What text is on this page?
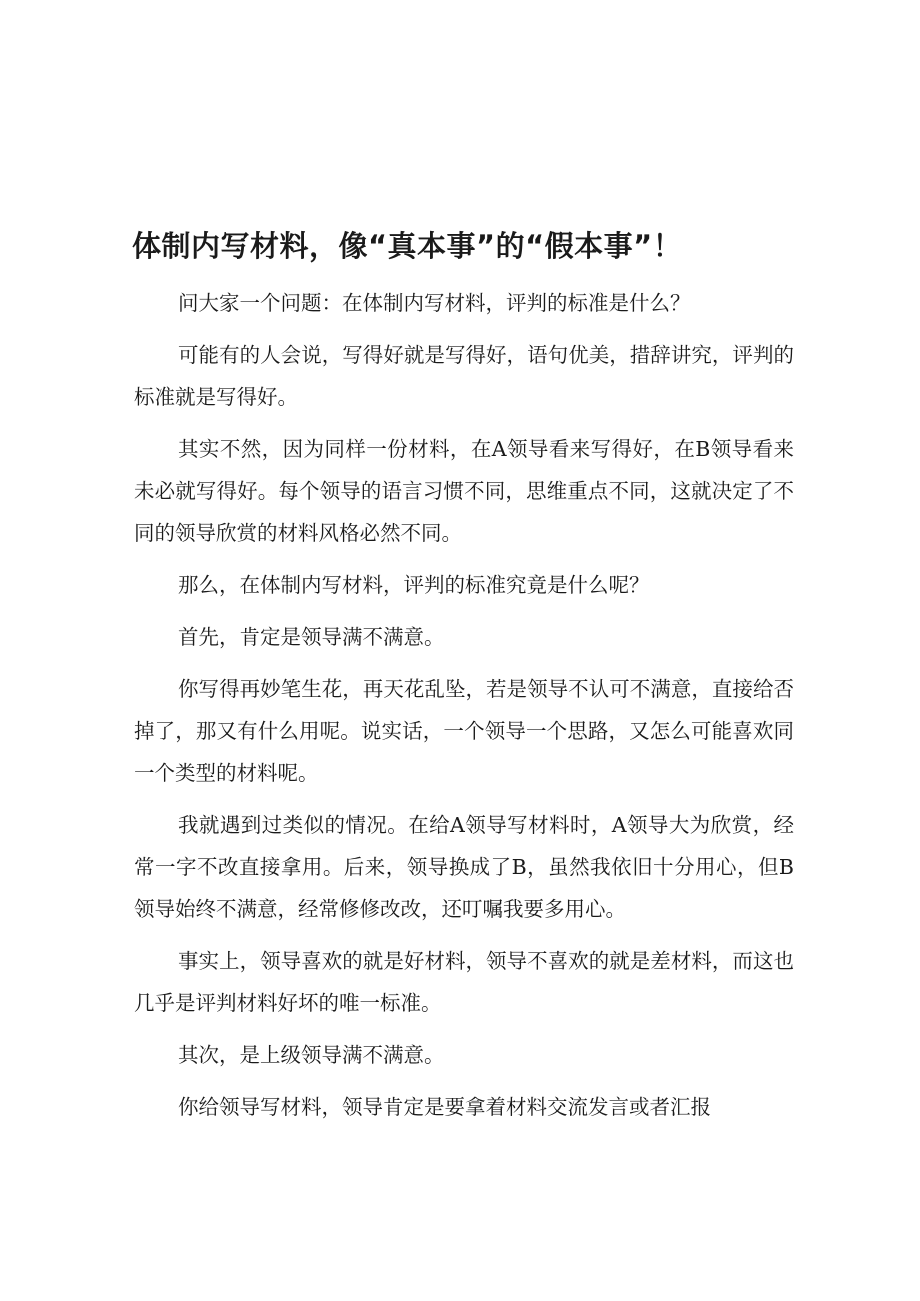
体制内写材料，像“真本事”的“假本事”！

问大家一个问题：在体制内写材料，评判的标准是什么？

可能有的人会说，写得好就是写得好，语句优美，措辞讲究，评判的标准就是写得好。

其实不然，因为同样一份材料，在A领导看来写得好，在B领导看来未必就写得好。每个领导的语言习惯不同，思维重点不同，这就决定了不同的领导欣赏的材料风格必然不同。

那么，在体制内写材料，评判的标准究竟是什么呢？

首先，肯定是领导满不满意。

你写得再妙笔生花，再天花乱坠，若是领导不认可不满意，直接给否掉了，那又有什么用呢。说实话，一个领导一个思路，又怎么可能喜欢同一个类型的材料呢。

我就遇到过类似的情况。在给A领导写材料时，A领导大为欣赏，经常一字不改直接拿用。后来，领导换成了B，虽然我依旧十分用心，但B领导始终不满意，经常修修改改，还叮嘱我要多用心。

事实上，领导喜欢的就是好材料，领导不喜欢的就是差材料，而这也几乎是评判材料好坏的唯一标准。

其次，是上级领导满不满意。

你给领导写材料，领导肯定是要拿着材料交流发言或者汇报
